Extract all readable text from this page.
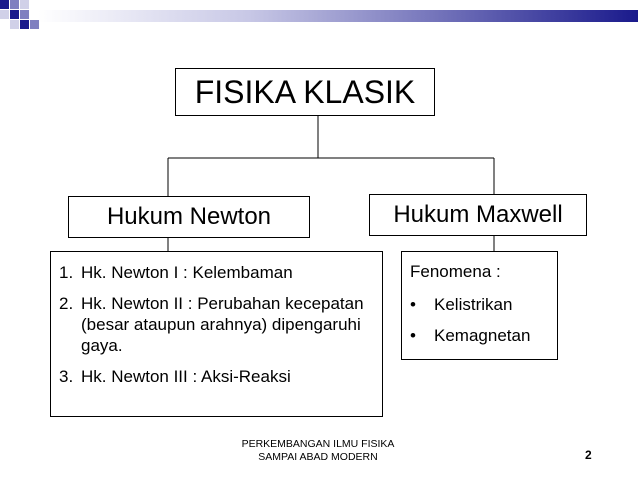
FISIKA KLASIK
Hukum Newton	Hukum Maxwell
1. Hk. Newton I : Kelembaman
2. Hk. Newton II : Perubahan kecepatan (besar ataupun arahnya) dipengaruhi gaya.
3. Hk. Newton III : Aksi-Reaksi
Fenomena :
•	Kelistrikan
•	Kemagnetan
PERKEMBANGAN ILMU FISIKA
SAMPAI ABAD MODERN	2
